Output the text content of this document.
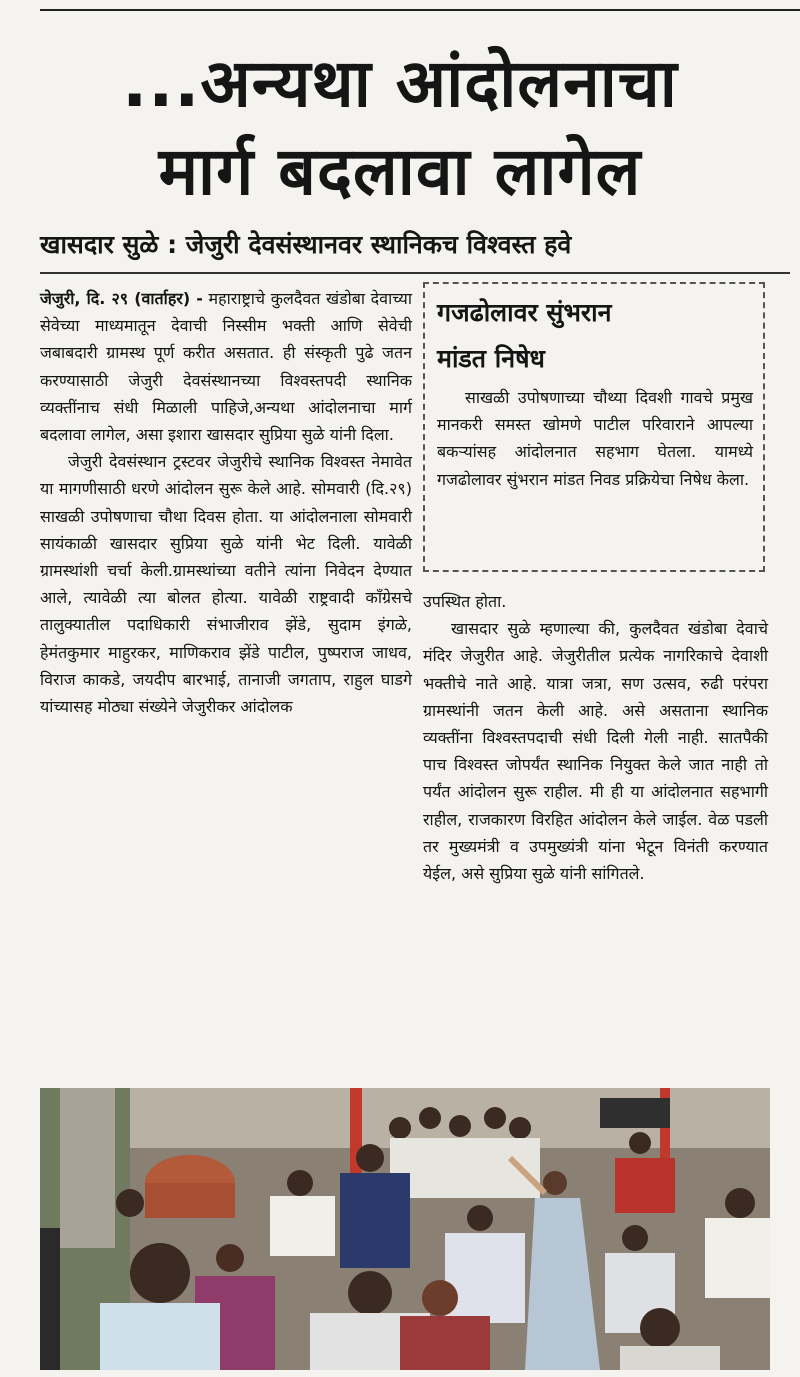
...अन्यथा आंदोलनाचा
मार्ग बदलावा लागेल
खासदार सुळे : जेजुरी देवसंस्थानवर स्थानिकच विश्वस्त हवे

जेजुरी, दि. २९ (वार्ताहर) - महाराष्ट्राचे कुलदैवत खंडोबा देवाच्या सेवेच्या माध्यमातून देवाची निस्सीम भक्ती आणि सेवेची जबाबदारी ग्रामस्थ पूर्ण करीत असतात. ही संस्कृती पुढे जतन करण्यासाठी जेजुरी देवसंस्थानच्या विश्वस्तपदी स्थानिक व्यक्तींनाच संधी मिळाली पाहिजे,अन्यथा आंदोलनाचा मार्ग बदलावा लागेल, असा इशारा खासदार सुप्रिया सुळे यांनी दिला.

जेजुरी देवसंस्थान ट्रस्टवर जेजुरीचे स्थानिक विश्वस्त नेमावेत या मागणीसाठी धरणे आंदोलन सुरू केले आहे. सोमवारी (दि.२९) साखळी उपोषणाचा चौथा दिवस होता. या आंदोलनाला सोमवारी सायंकाळी खासदार सुप्रिया सुळे यांनी भेट दिली. यावेळी ग्रामस्थांशी चर्चा केली.ग्रामस्थांच्या वतीने त्यांना निवेदन देण्यात आले, त्यावेळी त्या बोलत होत्या. यावेळी राष्ट्रवादी काँग्रेसचे तालुक्यातील पदाधिकारी संभाजीराव झेंडे, सुदाम इंगळे, हेमंतकुमार माहुरकर, माणिकराव झेंडे पाटील, पुष्पराज जाधव, विराज काकडे, जयदीप बारभाई, तानाजी जगताप, राहुल घाडगे यांच्यासह मोठ्या संख्येने जेजुरीकर आंदोलक

गजढोलावर सुंभरान
मांडत निषेध
साखळी उपोषणाच्या चौथ्या दिवशी गावचे प्रमुख मानकरी समस्त खोमणे पाटील परिवाराने आपल्या बकऱ्यांसह आंदोलनात सहभाग घेतला. यामध्ये गजढोलावर सुंभरान मांडत निवड प्रक्रियेचा निषेध केला.

उपस्थित होता.

खासदार सुळे म्हणाल्या की, कुलदैवत खंडोबा देवाचे मंदिर जेजुरीत आहे. जेजुरीतील प्रत्येक नागरिकाचे देवाशी भक्तीचे नाते आहे. यात्रा जत्रा, सण उत्सव, रुढी परंपरा ग्रामस्थांनी जतन केली आहे. असे असताना स्थानिक व्यक्तींना विश्वस्तपदाची संधी दिली गेली नाही. सातपैकी पाच विश्वस्त जोपर्यंत स्थानिक नियुक्त केले जात नाही तो पर्यंत आंदोलन सुरू राहील. मी ही या आंदोलनात सहभागी राहील, राजकारण विरहित आंदोलन केले जाईल. वेळ पडली तर मुख्यमंत्री व उपमुख्यंत्री यांना भेटून विनंती करण्यात येईल, असे सुप्रिया सुळे यांनी सांगितले.
